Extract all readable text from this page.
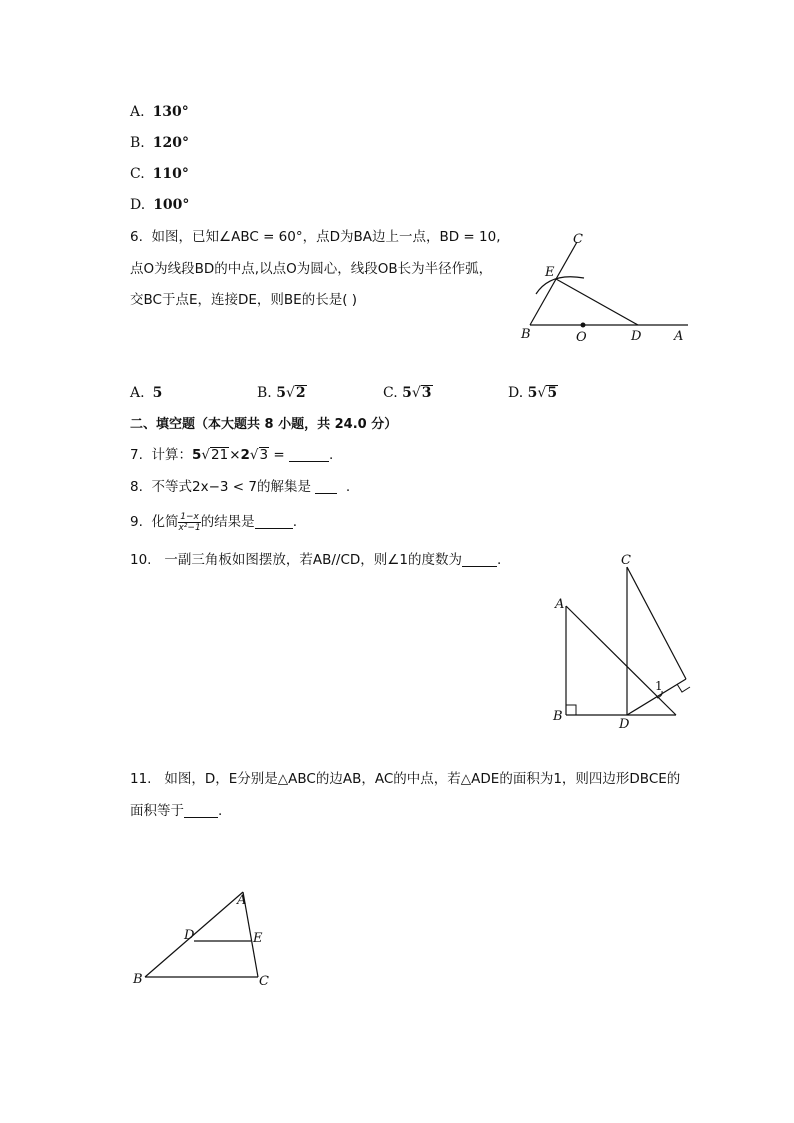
A. 130°
B. 120°
C. 110°
D. 100°
6. 如图，已知∠ABC = 60°，点D为BA边上一点，BD = 10,
点O为线段BD的中点,以点O为圆心，线段OB长为半径作弧，
交BC于点E，连接DE，则BE的长是( )
C
E
B	O	D	A
A. 5	B. 5√2	C. 5√3	D. 5√5
二、填空题（本大题共 8 小题，共 24.0 分）
7. 计算：5√21×2√3 =	.
8. 不等式2x−3 < 7的解集是	.
9. 化简 $\frac{1-x}{\text{x²−1}}$ 的结果是	.
10. 一副三角板如图摆放，若AB//CD，则∠1的度数为	.	C
A
B
D
1
11. 如图，D，E分别是△ABC的边AB，AC的中点，若△ADE的面积为1，则四边形DBCE的
面积等于	.
A
D	E
B	C
